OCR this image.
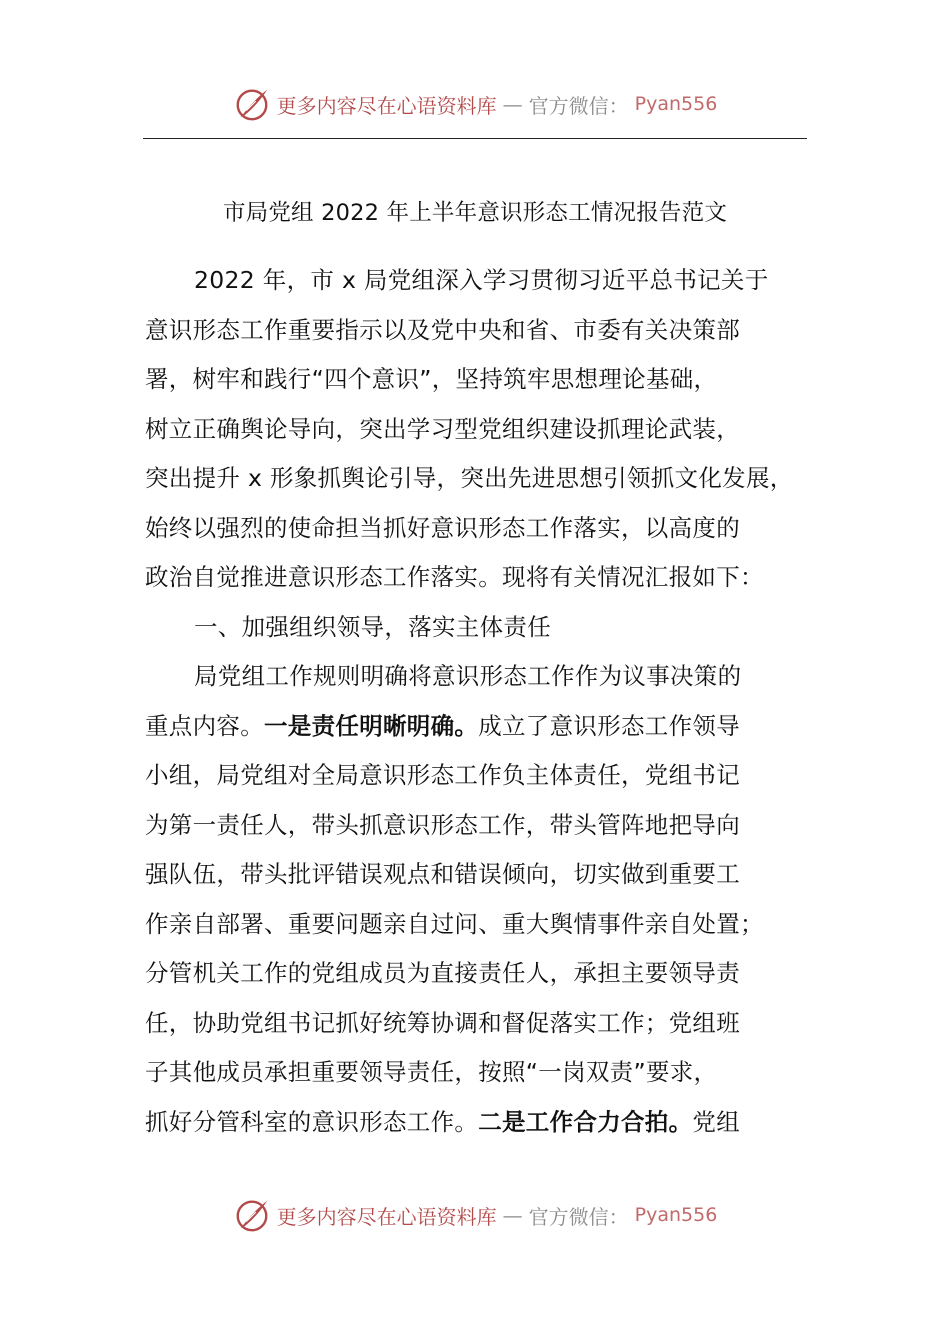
更多内容尽在心语资料库 — 官方微信： Pyan556
市局党组 2022 年上半年意识形态工情况报告范文
2022 年，市 x 局党组深入学习贯彻习近平总书记关于
意识形态工作重要指示以及党中央和省、市委有关决策部
署，树牢和践行“四个意识”，坚持筑牢思想理论基础，
树立正确舆论导向，突出学习型党组织建设抓理论武装，
突出提升 x 形象抓舆论引导，突出先进思想引领抓文化发展，
始终以强烈的使命担当抓好意识形态工作落实，以高度的
政治自觉推进意识形态工作落实。现将有关情况汇报如下：
一、加强组织领导，落实主体责任
局党组工作规则明确将意识形态工作作为议事决策的
重点内容。一是责任明晰明确。成立了意识形态工作领导
小组，局党组对全局意识形态工作负主体责任，党组书记
为第一责任人，带头抓意识形态工作，带头管阵地把导向
强队伍，带头批评错误观点和错误倾向，切实做到重要工
作亲自部署、重要问题亲自过问、重大舆情事件亲自处置；
分管机关工作的党组成员为直接责任人，承担主要领导责
任，协助党组书记抓好统筹协调和督促落实工作；党组班
子其他成员承担重要领导责任，按照“一岗双责”要求，
抓好分管科室的意识形态工作。二是工作合力合拍。党组
更多内容尽在心语资料库 — 官方微信： Pyan556
